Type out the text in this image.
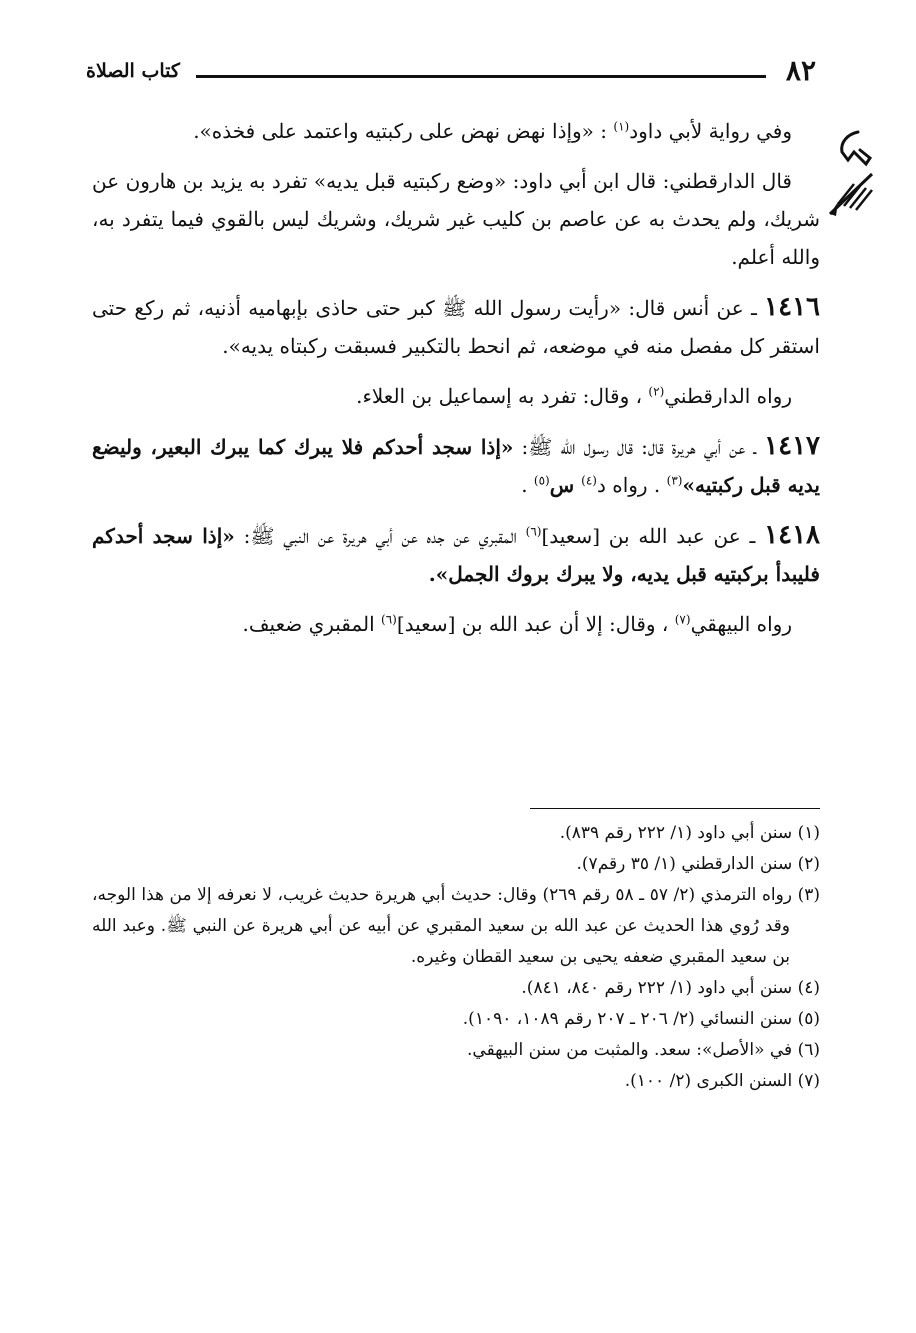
٨٢
كتاب الصلاة

وفي رواية لأبي داود$^{(١)}$ : «وإذا نهض نهض على ركبتيه واعتمد على فخذه».

قال الدارقطني: قال ابن أبي داود: «وضع ركبتيه قبل يديه» تفرد به يزيد بن هارون عن شريك، ولم يحدث به عن عاصم بن كليب غير شريك، وشريك ليس بالقوي فيما يتفرد به، والله أعلم.

١٤١٦ ـ عن أنس قال: «رأيت رسول الله ﷺ كبر حتى حاذى بإبهاميه أذنيه، ثم ركع حتى استقر كل مفصل منه في موضعه، ثم انحط بالتكبير فسبقت ركبتاه يديه».

رواه الدارقطني$^{(٢)}$ ، وقال: تفرد به إسماعيل بن العلاء.

١٤١٧ ـ عن أبي هريرة قال: قال رسول الله ﷺ: «إذا سجد أحدكم فلا يبرك كما يبرك البعير، وليضع يديه قبل ركبتيه»$^{(٣)}$ . رواه د$^{(٤)}$ س$^{(٥)}$ .

١٤١٨ ـ عن عبد الله بن [سعيد]$^{(٦)}$ المقبري عن جده عن أبي هريرة عن النبي ﷺ: «إذا سجد أحدكم فليبدأ بركبتيه قبل يديه، ولا يبرك بروك الجمل».

رواه البيهقي$^{(٧)}$ ، وقال: إلا أن عبد الله بن [سعيد]$^{(٦)}$ المقبري ضعيف.

(١) سنن أبي داود (١/ ٢٢٢ رقم ٨٣٩).

(٢) سنن الدارقطني (١/ ٣٥ رقم٧).

(٣) رواه الترمذي (٢/ ٥٧ ـ ٥٨ رقم ٢٦٩) وقال: حديث أبي هريرة حديث غريب، لا نعرفه إلا من هذا الوجه، وقد رُوي هذا الحديث عن عبد الله بن سعيد المقبري عن أبيه عن أبي هريرة عن النبي ﷺ. وعبد الله بن سعيد المقبري ضعفه يحيى بن سعيد القطان وغيره.

(٤) سنن أبي داود (١/ ٢٢٢ رقم ٨٤٠، ٨٤١).

(٥) سنن النسائي (٢/ ٢٠٦ ـ ٢٠٧ رقم ١٠٨٩، ١٠٩٠).

(٦) في «الأصل»: سعد. والمثبت من سنن البيهقي.

(٧) السنن الكبرى (٢/ ١٠٠).
